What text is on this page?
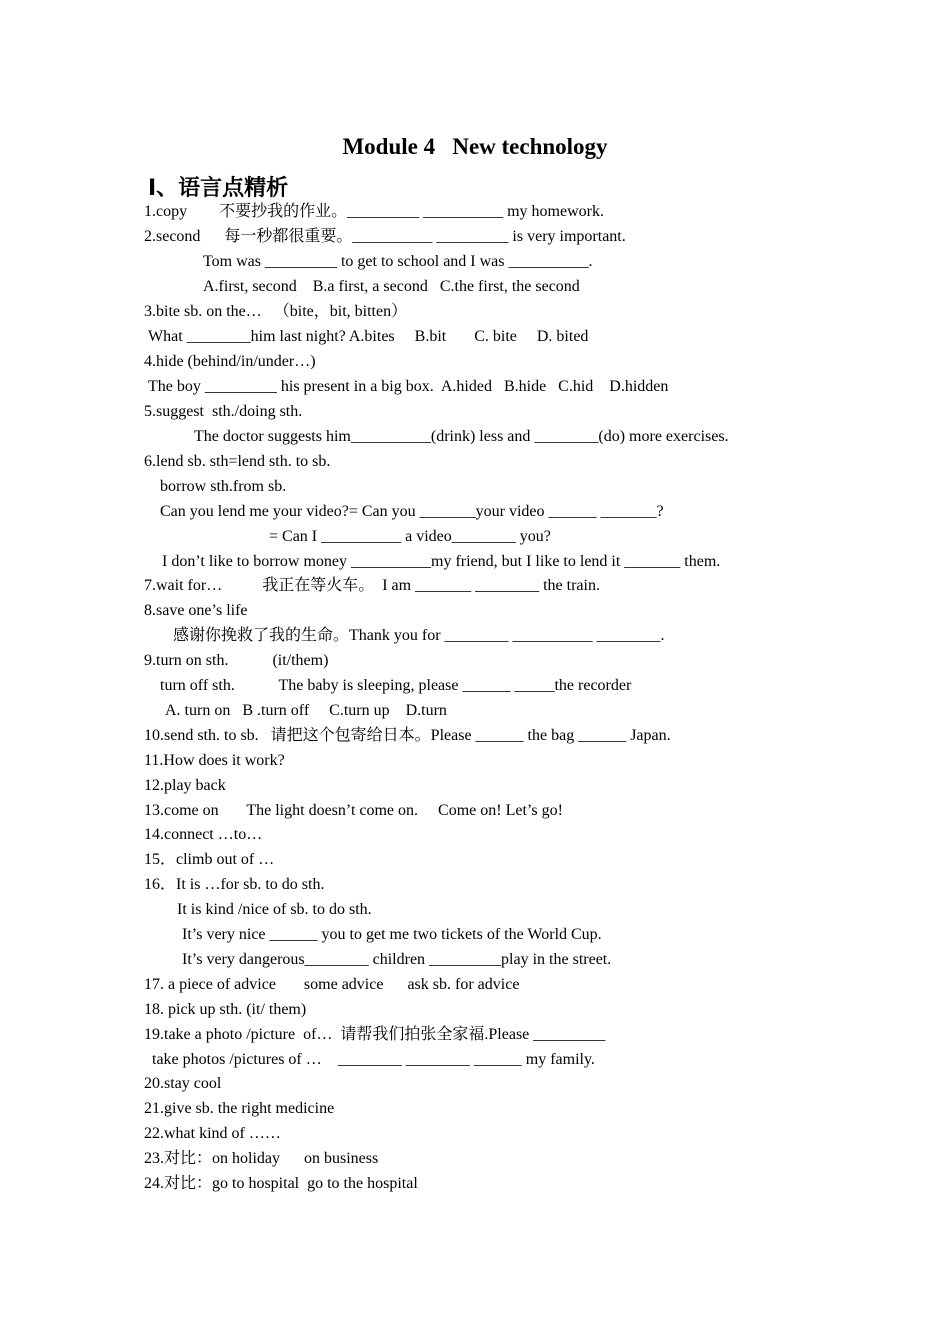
Module 4   New technology
Ⅰ、语言点精析
1.copy        不要抄我的作业。_________ __________ my homework.
2.second      每一秒都很重要。__________ _________ is very important.
Tom was _________ to get to school and I was __________.
A.first, second    B.a first, a second   C.the first, the second
3.bite sb. on the…   （bite，bit, bitten）
What ________him last night? A.bites     B.bit       C. bite     D. bited
4.hide (behind/in/under…)
The boy _________ his present in a big box.  A.hided   B.hide   C.hid    D.hidden
5.suggest  sth./doing sth.
The doctor suggests him__________(drink) less and ________(do) more exercises.
6.lend sb. sth=lend sth. to sb.
borrow sth.from sb.
Can you lend me your video?= Can you _______your video ______ _______?
= Can I __________ a video________ you?
I don’t like to borrow money __________my friend, but I like to lend it _______ them.
7.wait for…          我正在等火车。  I am _______ ________ the train.
8.save one’s life
感谢你挽救了我的生命。Thank you for ________ __________ ________.
9.turn on sth.           (it/them)
turn off sth.           The baby is sleeping, please ______ _____the recorder
A. turn on   B .turn off     C.turn up    D.turn
10.send sth. to sb.   请把这个包寄给日本。Please ______ the bag ______ Japan.
11.How does it work?
12.play back
13.come on       The light doesn’t come on.     Come on! Let’s go!
14.connect …to…
15．climb out of …
16．It is …for sb. to do sth.
It is kind /nice of sb. to do sth.
It’s very nice ______ you to get me two tickets of the World Cup.
It’s very dangerous________ children _________play in the street.
17. a piece of advice       some advice      ask sb. for advice
18. pick up sth. (it/ them)
19.take a photo /picture  of…  请帮我们拍张全家福.Please _________
take photos /pictures of …    ________ ________ ______ my family.
20.stay cool
21.give sb. the right medicine
22.what kind of ……
23.对比：on holiday      on business
24.对比：go to hospital  go to the hospital
